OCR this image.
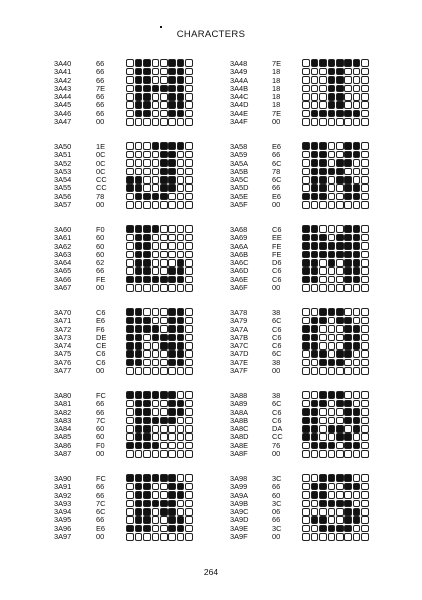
CHARACTERS
3A40	66
3A41	66
3A42	66
3A43	7E
3A44	66
3A45	66
3A46	66
3A47	00
3A50	1E
3A51	0C
3A52	0C
3A53	0C
3A54	CC
3A55	CC
3A56	78
3A57	00
3A60	F0
3A61	60
3A62	60
3A63	60
3A64	62
3A65	66
3A66	FE
3A67	00
3A70	C6
3A71	E6
3A72	F6
3A73	DE
3A74	CE
3A75	C6
3A76	C6
3A77	00
3A80	FC
3A81	66
3A82	66
3A83	7C
3A84	60
3A85	60
3A86	F0
3A87	00
3A90	FC
3A91	66
3A92	66
3A93	7C
3A94	6C
3A95	66
3A96	E6
3A97	00
3A48	7E
3A49	18
3A4A	18
3A4B	18
3A4C	18
3A4D	18
3A4E	7E
3A4F	00
3A58	E6
3A59	66
3A5A	6C
3A5B	78
3A5C	6C
3A5D	66
3A5E	E6
3A5F	00
3A68	C6
3A69	EE
3A6A	FE
3A6B	FE
3A6C	D6
3A6D	C6
3A6E	C6
3A6F	00
3A78	38
3A79	6C
3A7A	C6
3A7B	C6
3A7C	C6
3A7D	6C
3A7E	38
3A7F	00
3A88	38
3A89	6C
3A8A	C6
3A8B	C6
3A8C	DA
3A8D	CC
3A8E	76
3A8F	00
3A98	3C
3A99	66
3A9A	60
3A9B	3C
3A9C	06
3A9D	66
3A9E	3C
3A9F	00
264
